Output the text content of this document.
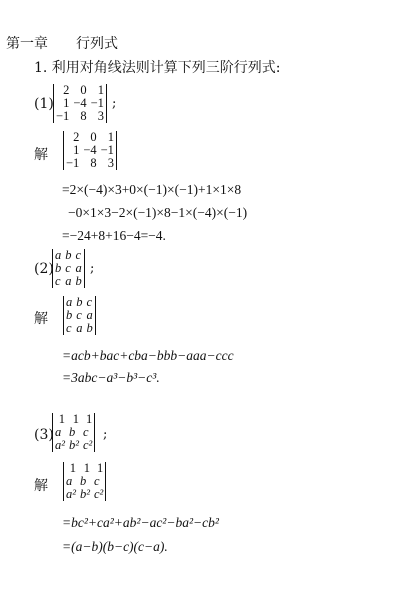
第一章 行列式
1. 利用对角线法则计算下列三阶行列式:
(1)
2	0	1
1	−4	−1
−1	8	3
;
解
2	0	1
1	−4	−1
−1	8	3
=2×(−4)×3+0×(−1)×(−1)+1×1×8
−0×1×3−2×(−1)×8−1×(−4)×(−1)
=−24+8+16−4=−4.
(2)
a	b	c
b	c	a
c	a	b
;
解
a	b	c
b	c	a
c	a	b
=acb+bac+cba−bbb−aaa−ccc
=3abc−a³−b³−c³.
(3)
1	1	1
a	b	c
a²	b²	c²
;
解
1	1	1
a	b	c
a²	b²	c²
=bc²+ca²+ab²−ac²−ba²−cb²
=(a−b)(b−c)(c−a).
